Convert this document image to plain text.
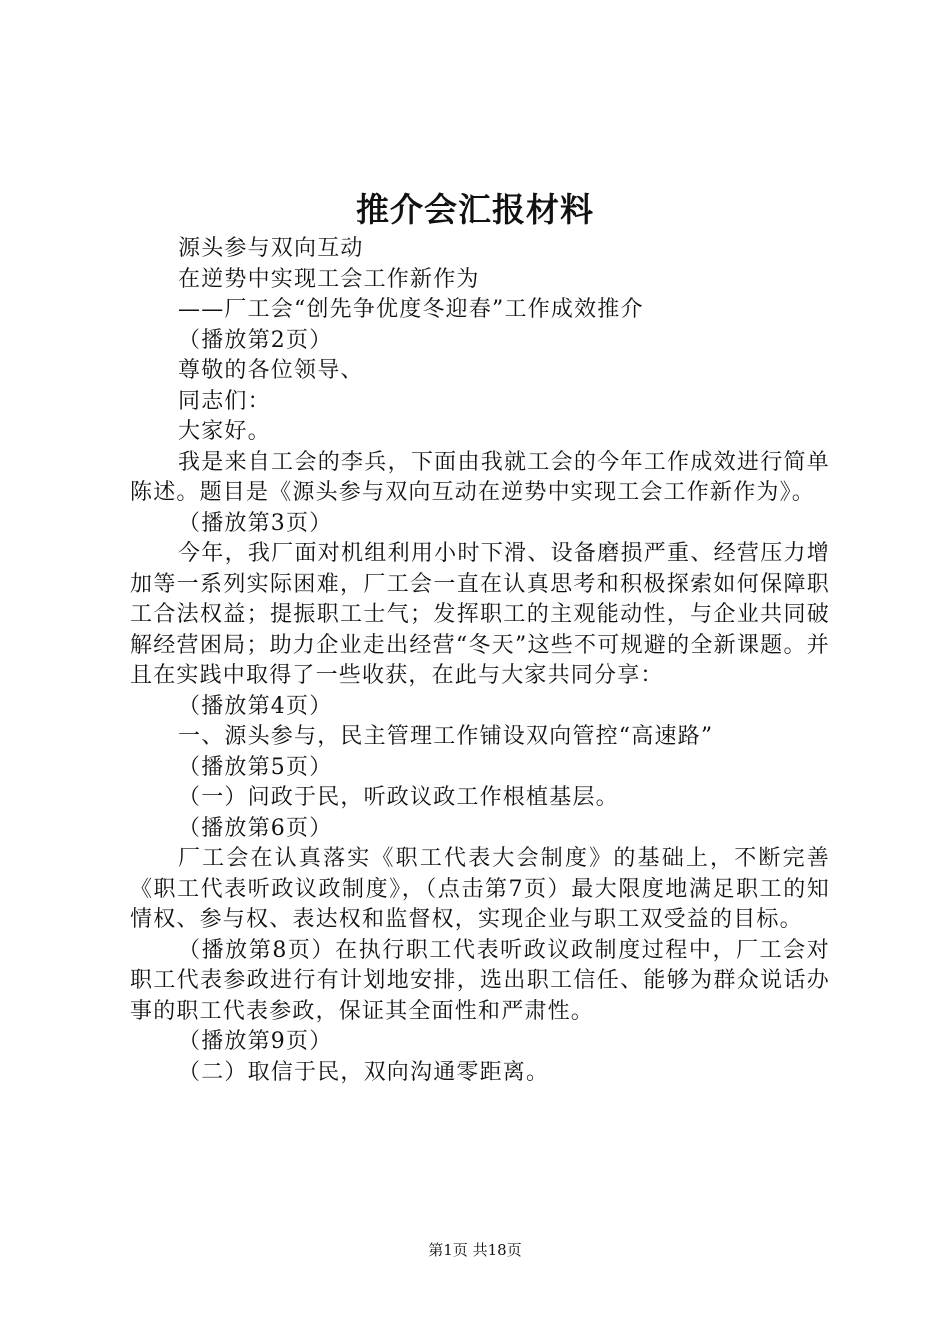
推介会汇报材料

源头参与双向互动

在逆势中实现工会工作新作为

——厂工会“创先争优度冬迎春”工作成效推介

（播放第2页）

尊敬的各位领导、

同志们：

大家好。

我是来自工会的李兵，下面由我就工会的今年工作成效进行简单陈述。题目是《源头参与双向互动在逆势中实现工会工作新作为》。

（播放第3页）

今年，我厂面对机组利用小时下滑、设备磨损严重、经营压力增加等一系列实际困难，厂工会一直在认真思考和积极探索如何保障职工合法权益；提振职工士气；发挥职工的主观能动性，与企业共同破解经营困局；助力企业走出经营“冬天”这些不可规避的全新课题。并且在实践中取得了一些收获，在此与大家共同分享：

（播放第4页）

一、源头参与，民主管理工作铺设双向管控“高速路”

（播放第5页）

（一）问政于民，听政议政工作根植基层。

（播放第6页）

厂工会在认真落实《职工代表大会制度》的基础上，不断完善《职工代表听政议政制度》，（点击第7页）最大限度地满足职工的知情权、参与权、表达权和监督权，实现企业与职工双受益的目标。

（播放第8页）在执行职工代表听政议政制度过程中，厂工会对职工代表参政进行有计划地安排，选出职工信任、能够为群众说话办事的职工代表参政，保证其全面性和严肃性。

（播放第9页）

（二）取信于民，双向沟通零距离。

第1页 共18页
